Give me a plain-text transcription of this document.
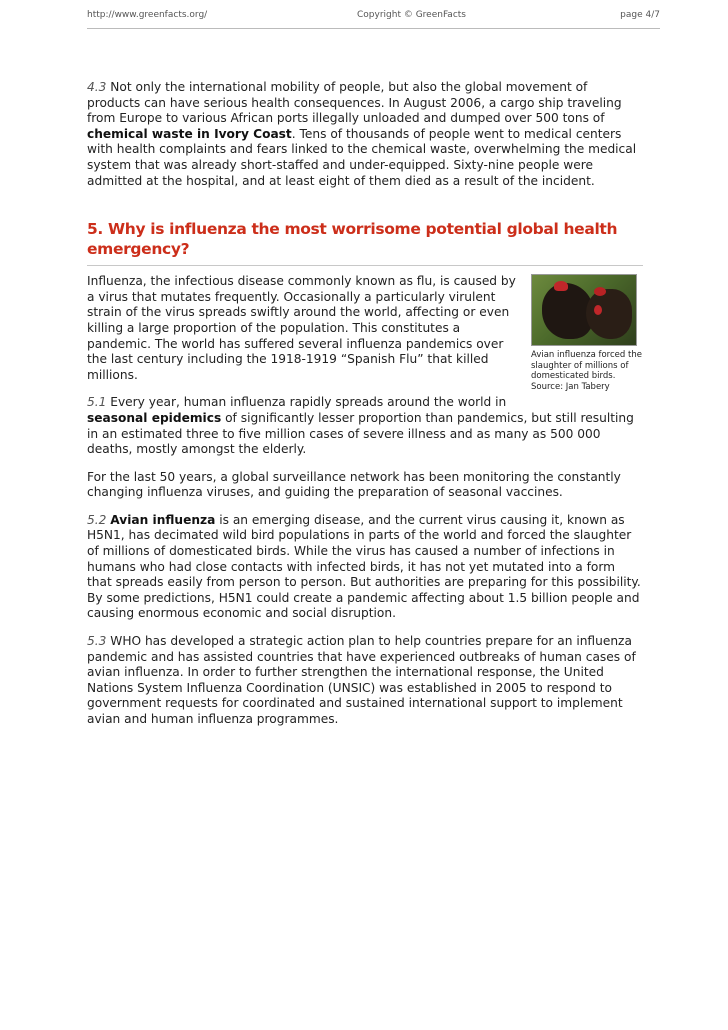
http://www.greenfacts.org/	Copyright © GreenFacts	page 4/7

4.3 Not only the international mobility of people, but also the global movement of products can have serious health consequences. In August 2006, a cargo ship traveling from Europe to various African ports illegally unloaded and dumped over 500 tons of chemical waste in Ivory Coast. Tens of thousands of people went to medical centers with health complaints and fears linked to the chemical waste, overwhelming the medical system that was already short-staffed and under-equipped. Sixty-nine people were admitted at the hospital, and at least eight of them died as a result of the incident.

5. Why is influenza the most worrisome potential global health emergency?
Avian influenza forced the slaughter of millions of domesticated birds.
Source: Jan Tabery

Influenza, the infectious disease commonly known as flu, is caused by a virus that mutates frequently. Occasionally a particularly virulent strain of the virus spreads swiftly around the world, affecting or even killing a large proportion of the population. This constitutes a pandemic. The world has suffered several influenza pandemics over the last century including the 1918-1919 “Spanish Flu” that killed millions.

5.1 Every year, human influenza rapidly spreads around the world in seasonal epidemics of significantly lesser proportion than pandemics, but still resulting in an estimated three to five million cases of severe illness and as many as 500 000 deaths, mostly amongst the elderly.

For the last 50 years, a global surveillance network has been monitoring the constantly changing influenza viruses, and guiding the preparation of seasonal vaccines.

5.2 Avian influenza is an emerging disease, and the current virus causing it, known as H5N1, has decimated wild bird populations in parts of the world and forced the slaughter of millions of domesticated birds. While the virus has caused a number of infections in humans who had close contacts with infected birds, it has not yet mutated into a form that spreads easily from person to person. But authorities are preparing for this possibility. By some predictions, H5N1 could create a pandemic affecting about 1.5 billion people and causing enormous economic and social disruption.

5.3 WHO has developed a strategic action plan to help countries prepare for an influenza pandemic and has assisted countries that have experienced outbreaks of human cases of avian influenza. In order to further strengthen the international response, the United Nations System Influenza Coordination (UNSIC) was established in 2005 to respond to government requests for coordinated and sustained international support to implement avian and human influenza programmes.
